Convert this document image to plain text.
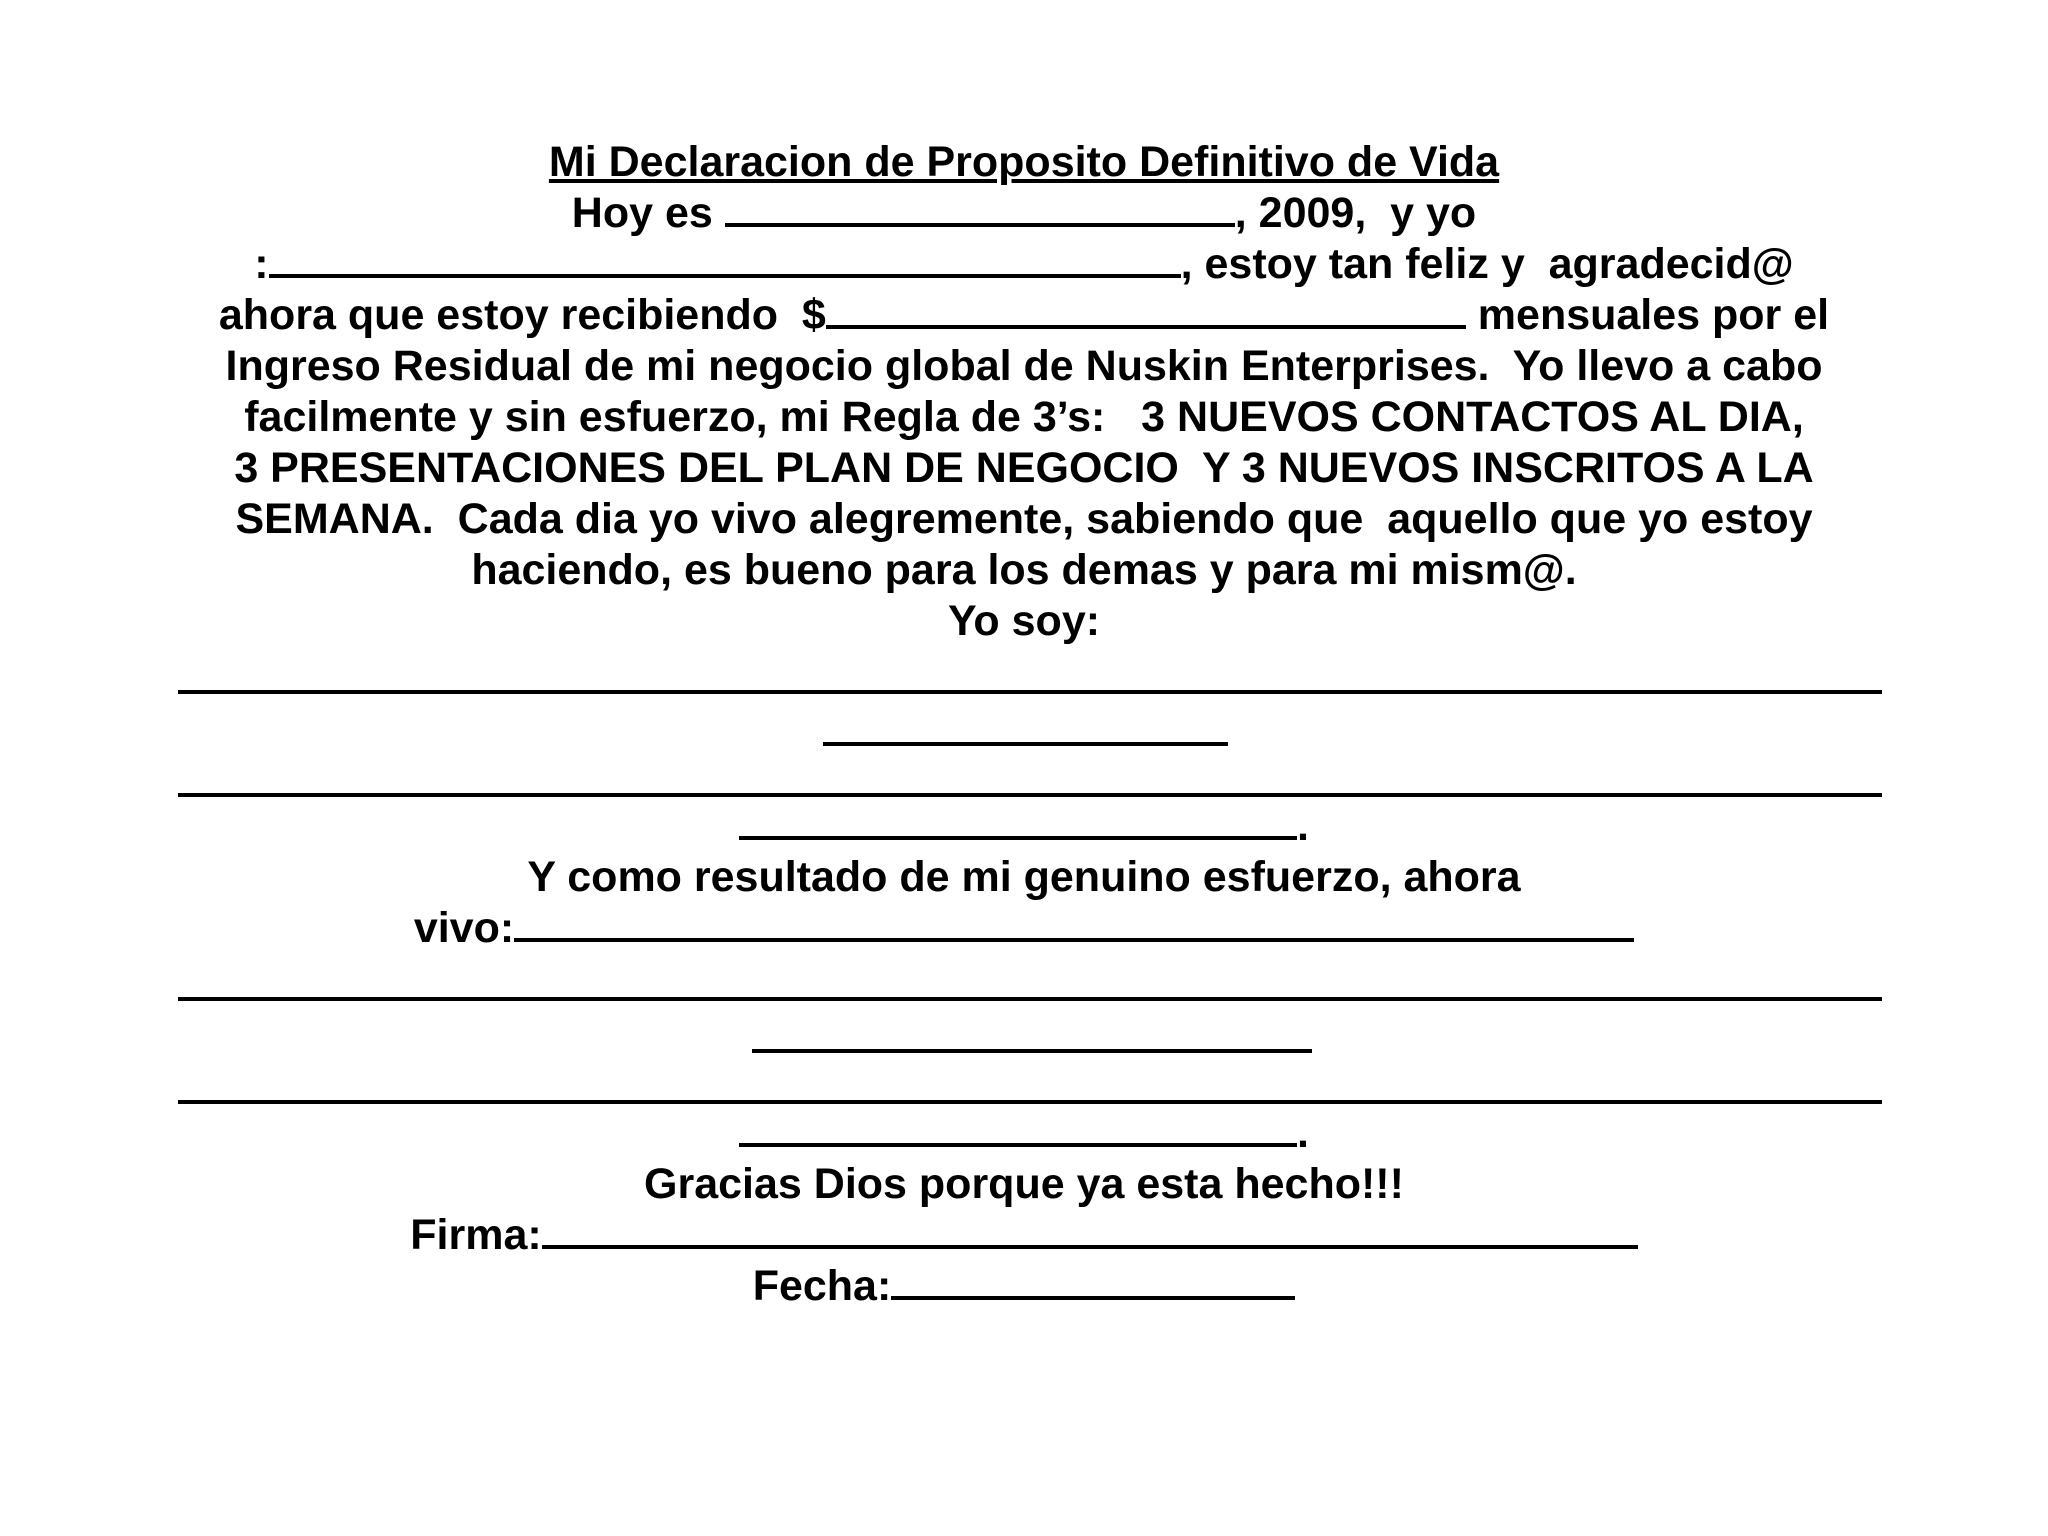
Mi Declaracion de Proposito Definitivo de Vida
Hoy es	, 2009,  y yo
:	, estoy tan feliz y  agradecid@
ahora que estoy recibiendo  $	mensuales por el
Ingreso Residual de mi negocio global de Nuskin Enterprises.  Yo llevo a cabo
facilmente y sin esfuerzo, mi Regla de 3’s:   3 NUEVOS CONTACTOS AL DIA,
3 PRESENTACIONES DEL PLAN DE NEGOCIO  Y 3 NUEVOS INSCRITOS A LA
SEMANA.  Cada dia yo vivo alegremente, sabiendo que  aquello que yo estoy
haciendo, es bueno para los demas y para mi mism@.
Yo soy:
.
Y como resultado de mi genuino esfuerzo, ahora
vivo:
.
Gracias Dios porque ya esta hecho!!!
Firma:
Fecha:
